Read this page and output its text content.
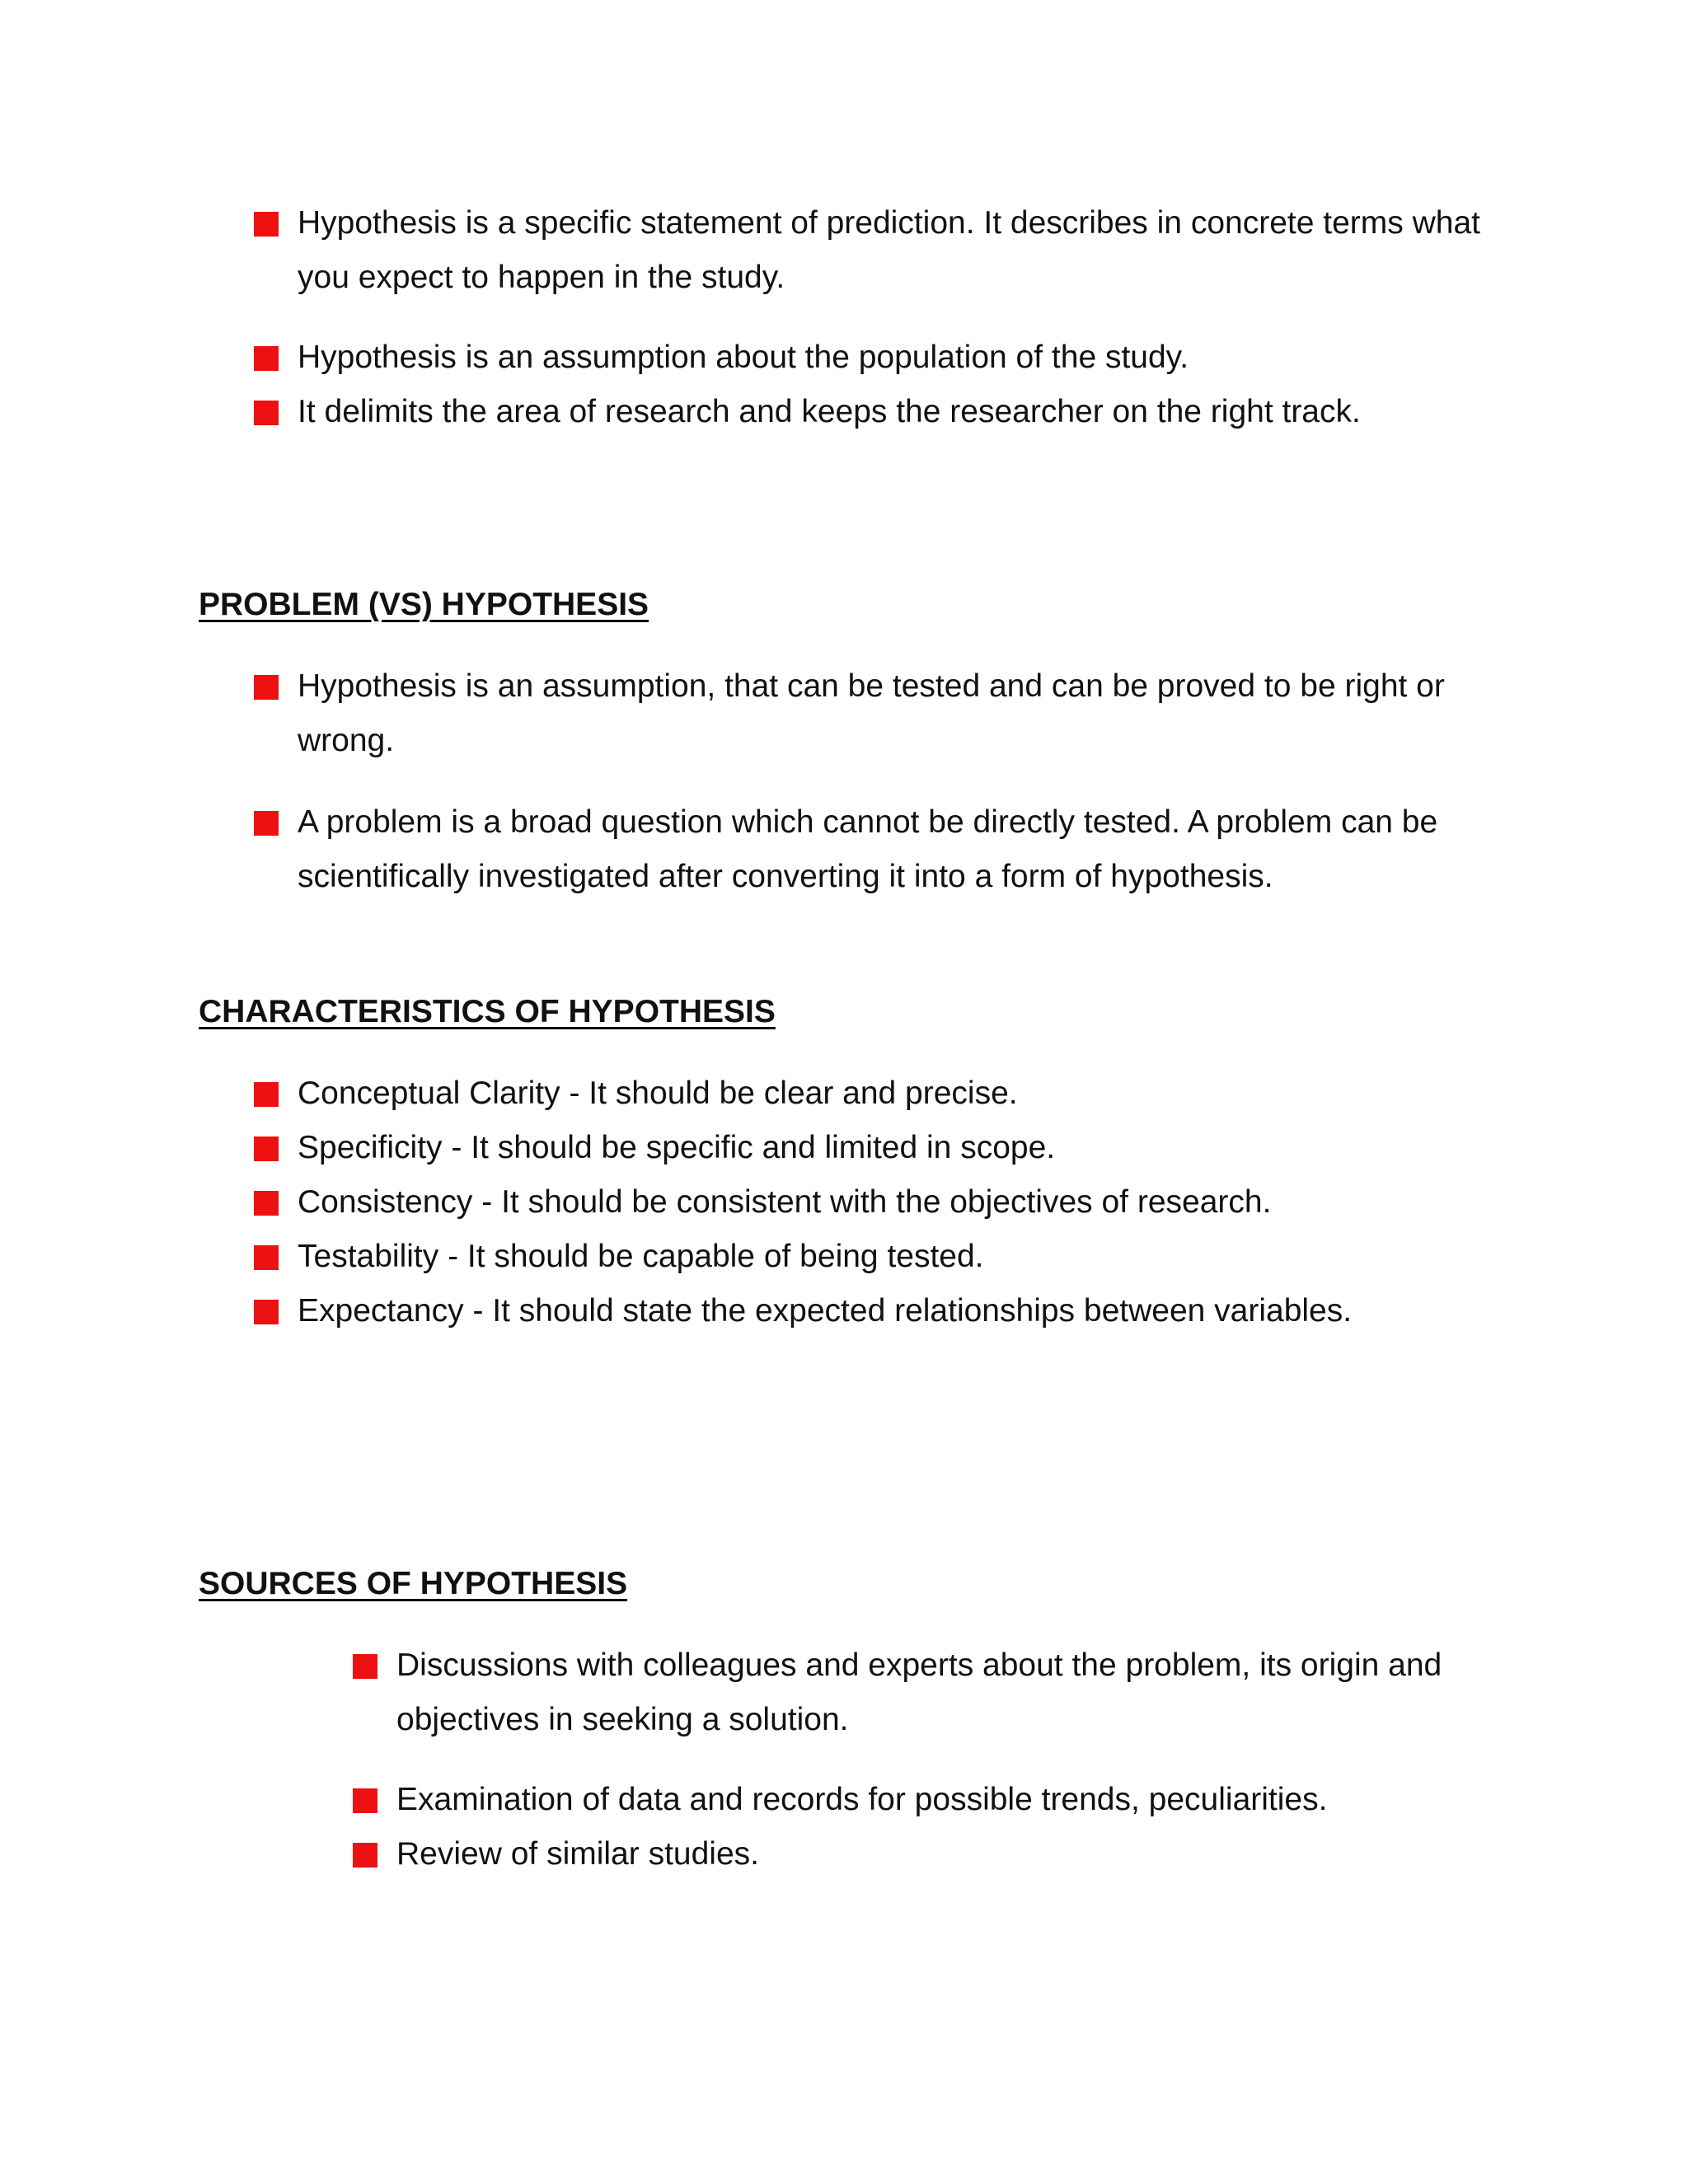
Hypothesis is a specific statement of prediction. It describes in concrete terms what you expect to happen in the study.
Hypothesis is an assumption about the population of the study.
It delimits the area of research and keeps the researcher on the right track.
PROBLEM (VS) HYPOTHESIS
Hypothesis is an assumption, that can be tested and can be proved to be right or wrong.
A problem is a broad question which cannot be directly tested. A problem can be scientifically investigated after converting it into a form of hypothesis.
CHARACTERISTICS OF HYPOTHESIS
Conceptual Clarity - It should be clear and precise.
Specificity - It should be specific and limited in scope.
Consistency - It should be consistent with the objectives of research.
Testability - It should be capable of being tested.
Expectancy - It should state the expected relationships between variables.
SOURCES OF HYPOTHESIS
Discussions with colleagues and experts about the problem, its origin and objectives in seeking a solution.
Examination of data and records for possible trends, peculiarities.
Review of similar studies.
